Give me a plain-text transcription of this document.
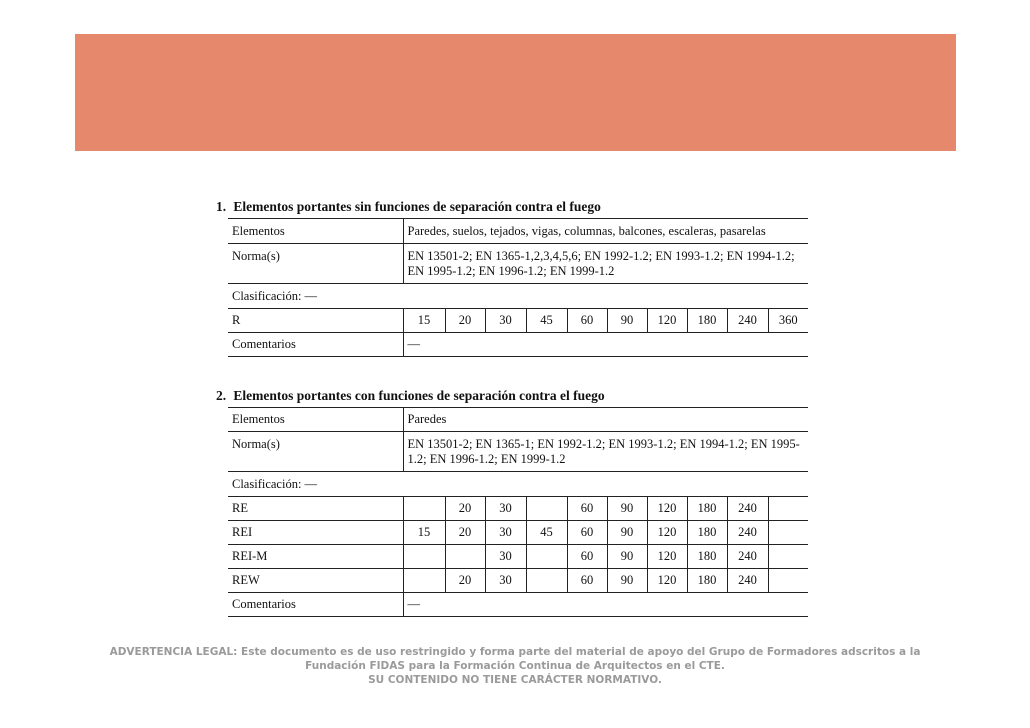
1. Elementos portantes sin funciones de separación contra el fuego
Elementos	Paredes, suelos, tejados, vigas, columnas, balcones, escaleras, pasarelas									
Norma(s)	EN 13501-2; EN 1365-1,2,3,4,5,6; EN 1992-1.2; EN 1993-1.2; EN 1994-1.2; EN 1995-1.2; EN 1996-1.2; EN 1999-1.2									
Clasificación: —										
R	15	20	30	45	60	90	120	180	240	360
Comentarios	—									
2. Elementos portantes con funciones de separación contra el fuego
Elementos	Paredes									
Norma(s)	EN 13501-2; EN 1365-1; EN 1992-1.2; EN 1993-1.2; EN 1994-1.2; EN 1995-1.2; EN 1996-1.2; EN 1999-1.2									
Clasificación: —										
RE		20	30		60	90	120	180	240	
REI	15	20	30	45	60	90	120	180	240	
REI-M			30		60	90	120	180	240	
REW		20	30		60	90	120	180	240	
Comentarios	—									
ADVERTENCIA LEGAL: Este documento es de uso restringido y forma parte del material de apoyo del Grupo de Formadores adscritos a la
Fundación FIDAS para la Formación Continua de Arquitectos en el CTE.
SU CONTENIDO NO TIENE CARÁCTER NORMATIVO.
